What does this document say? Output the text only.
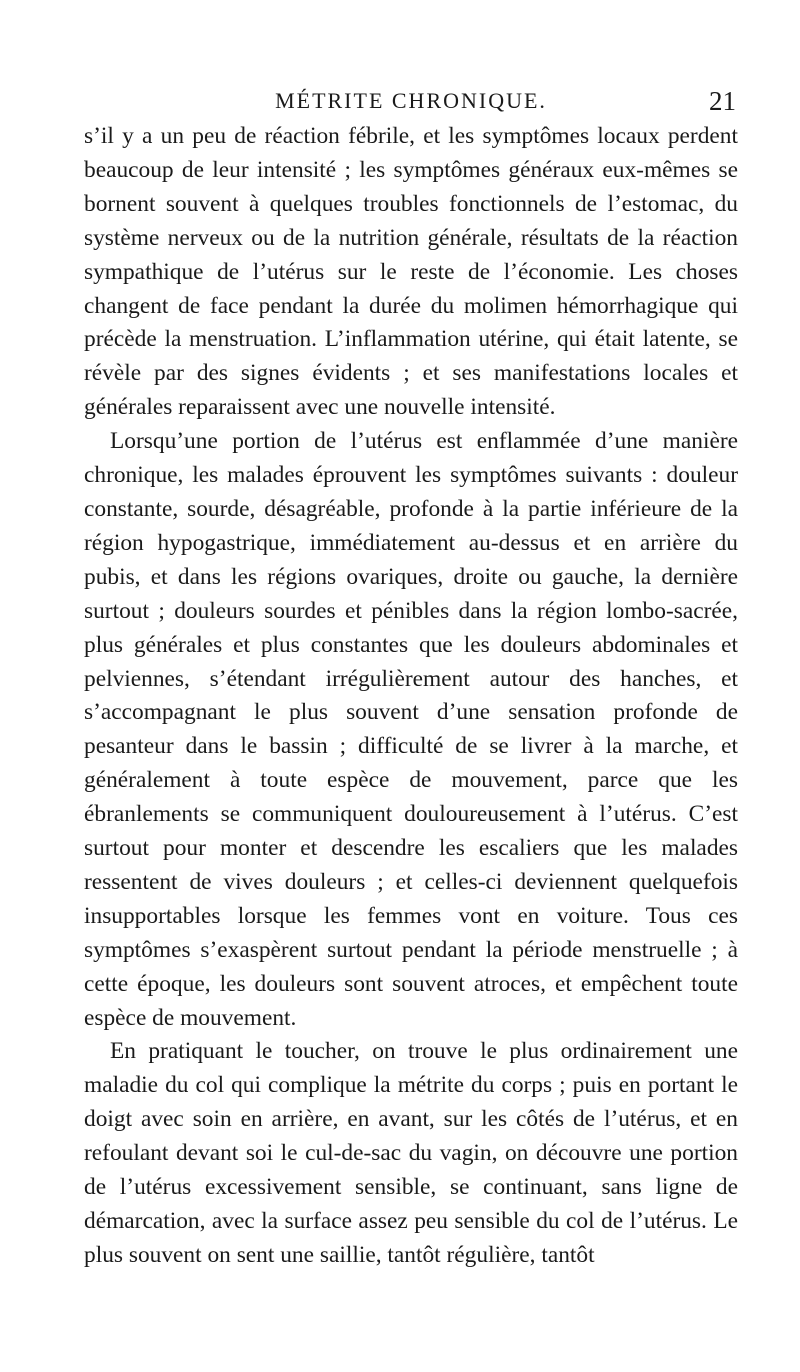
MÉTRITE CHRONIQUE.	21

s’il y a un peu de réaction fébrile, et les symptômes locaux perdent beaucoup de leur intensité ; les symptômes généraux eux-mêmes se bornent souvent à quelques troubles fonctionnels de l’estomac, du système nerveux ou de la nutrition générale, résultats de la réaction sympathique de l’utérus sur le reste de l’économie. Les choses changent de face pendant la durée du molimen hémorrhagique qui précède la menstruation. L’inflammation utérine, qui était latente, se révèle par des signes évidents ; et ses manifestations locales et générales reparaissent avec une nouvelle intensité.

Lorsqu’une portion de l’utérus est enflammée d’une manière chronique, les malades éprouvent les symptômes suivants : douleur constante, sourde, désagréable, profonde à la partie inférieure de la région hypogastrique, immédiatement au-dessus et en arrière du pubis, et dans les régions ovariques, droite ou gauche, la dernière surtout ; douleurs sourdes et pénibles dans la région lombo-sacrée, plus générales et plus constantes que les douleurs abdominales et pelviennes, s’étendant irrégulièrement autour des hanches, et s’accompagnant le plus souvent d’une sensation profonde de pesanteur dans le bassin ; difficulté de se livrer à la marche, et généralement à toute espèce de mouvement, parce que les ébranlements se communiquent douloureusement à l’utérus. C’est surtout pour monter et descendre les escaliers que les malades ressentent de vives douleurs ; et celles-ci deviennent quelquefois insupportables lorsque les femmes vont en voiture. Tous ces symptômes s’exaspèrent surtout pendant la période menstruelle ; à cette époque, les douleurs sont souvent atroces, et empêchent toute espèce de mouvement.

En pratiquant le toucher, on trouve le plus ordinairement une maladie du col qui complique la métrite du corps ; puis en portant le doigt avec soin en arrière, en avant, sur les côtés de l’utérus, et en refoulant devant soi le cul-de-sac du vagin, on découvre une portion de l’utérus excessivement sensible, se continuant, sans ligne de démarcation, avec la surface assez peu sensible du col de l’utérus. Le plus souvent on sent une saillie, tantôt régulière, tantôt
